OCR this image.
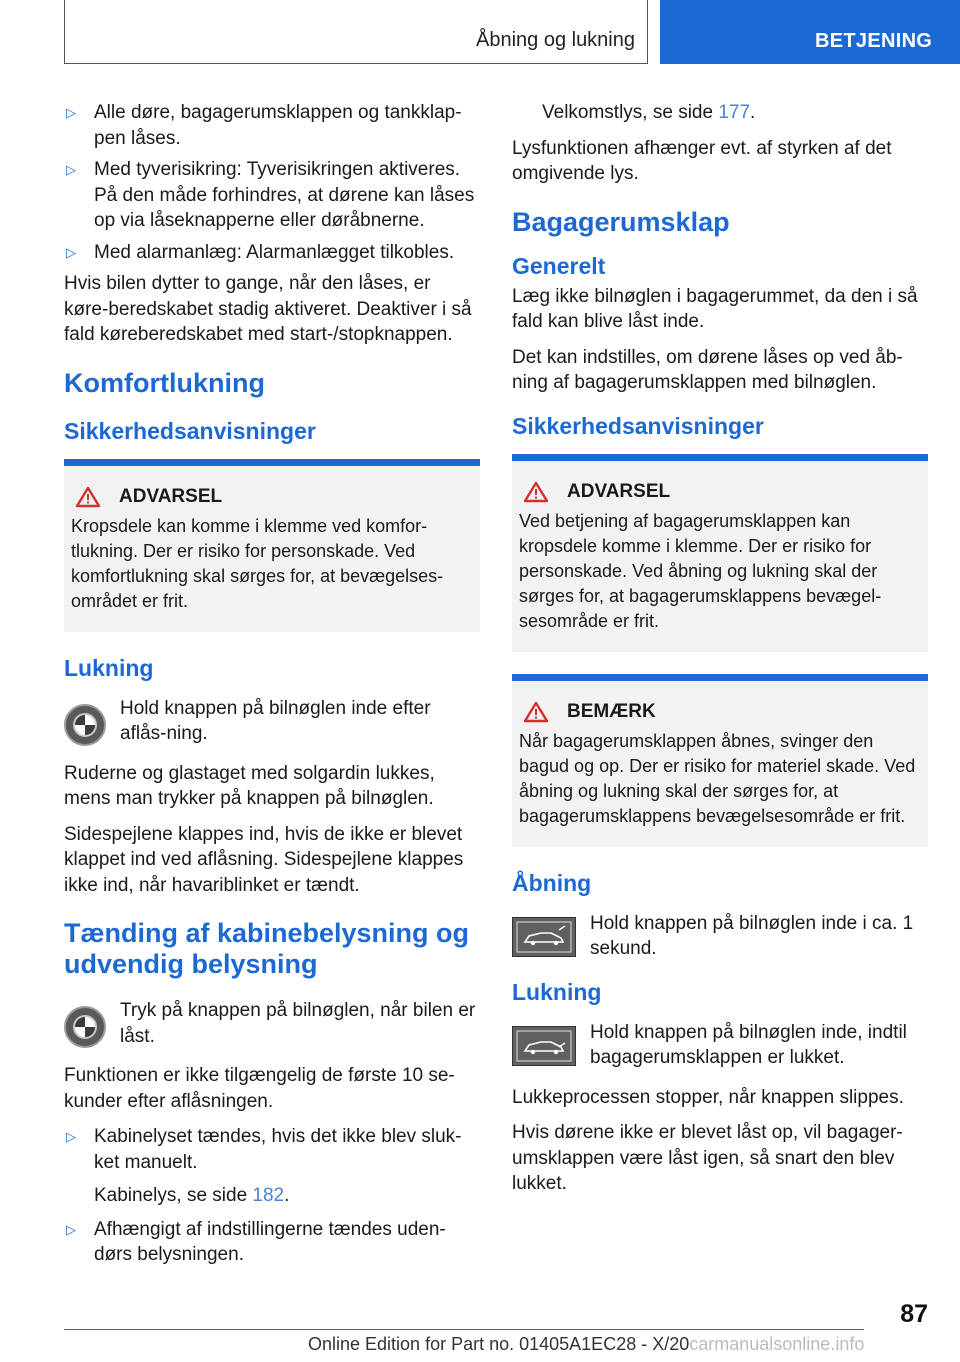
Åbning og lukning	BETJENING
▷ Alle døre, bagagerumsklappen og tankklap-pen låses.
▷ Med tyverisikring: Tyverisikringen aktiveres. På den måde forhindres, at dørene kan låses op via låseknapperne eller døråbnerne.
▷ Med alarmanlæg: Alarmanlægget tilkobles.

Hvis bilen dytter to gange, når den låses, er køre-beredskabet stadig aktiveret. Deaktiver i så fald køreberedskabet med start-/stopknappen.

Komfortlukning
Sikkerhedsanvisninger
ADVARSEL

Kropsdele kan komme i klemme ved komfor-tlukning. Der er risiko for personskade. Ved komfortlukning skal sørges for, at bevægelses-området er frit.

Lukning

Hold knappen på bilnøglen inde efter aflås-ning.

Ruderne og glastaget med solgardin lukkes, mens man trykker på knappen på bilnøglen.

Sidespejlene klappes ind, hvis de ikke er blevet klappet ind ved aflåsning. Sidespejlene klappes ikke ind, når havariblinket er tændt.

Tænding af kabinebelysning og udvendig belysning

Tryk på knappen på bilnøglen, når bilen er låst.

Funktionen er ikke tilgængelig de første 10 se-kunder efter aflåsningen.

▷ Kabinelyset tændes, hvis det ikke blev sluk-ket manuelt.

Kabinelys, se side 182.

▷ Afhængigt af indstillingerne tændes uden-dørs belysningen.

Velkomstlys, se side 177.

Lysfunktionen afhænger evt. af styrken af det omgivende lys.

Bagagerumsklap
Generelt

Læg ikke bilnøglen i bagagerummet, da den i så fald kan blive låst inde.

Det kan indstilles, om dørene låses op ved åb-ning af bagagerumsklappen med bilnøglen.

Sikkerhedsanvisninger
ADVARSEL

Ved betjening af bagagerumsklappen kan kropsdele komme i klemme. Der er risiko for personskade. Ved åbning og lukning skal der sørges for, at bagagerumsklappens bevægel-sesområde er frit.

BEMÆRK

Når bagagerumsklappen åbnes, svinger den bagud og op. Der er risiko for materiel skade. Ved åbning og lukning skal der sørges for, at bagagerumsklappens bevægelsesområde er frit.

Åbning

Hold knappen på bilnøglen inde i ca. 1 sekund.

Lukning

Hold knappen på bilnøglen inde, indtil bagagerumsklappen er lukket.

Lukkeprocessen stopper, når knappen slippes.

Hvis dørene ikke er blevet låst op, vil bagager-umsklappen være låst igen, så snart den blev lukket.

87
Online Edition for Part no. 01405A1EC28 - X/20carmanualsonline.info
